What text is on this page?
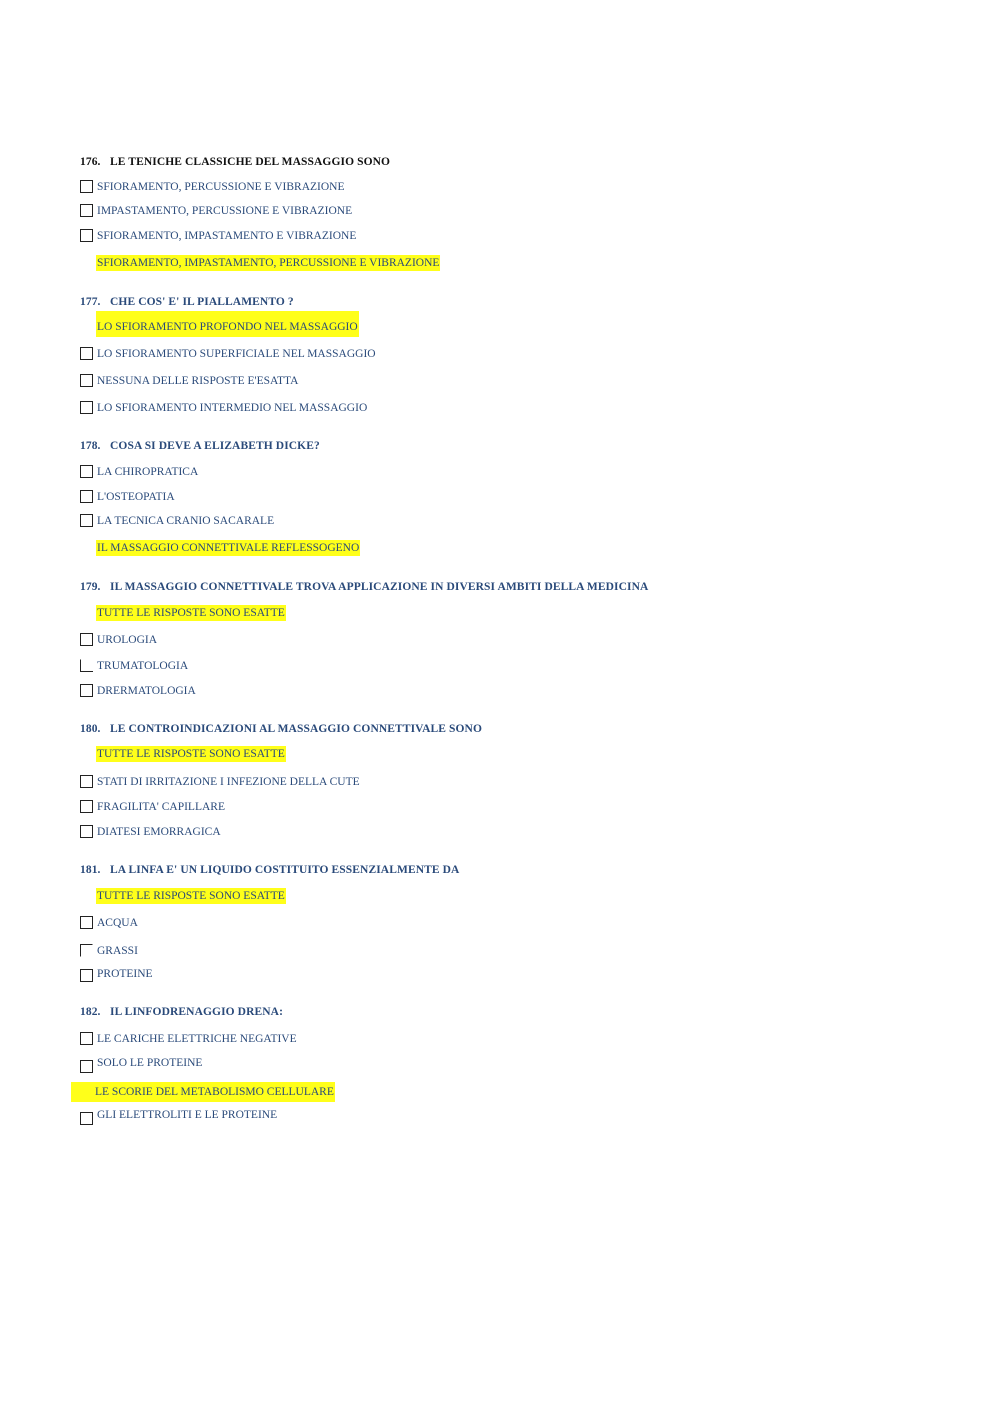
176. LE TENICHE CLASSICHE DEL MASSAGGIO SONO
SFIORAMENTO, PERCUSSIONE E VIBRAZIONE
IMPASTAMENTO, PERCUSSIONE E VIBRAZIONE
SFIORAMENTO, IMPASTAMENTO E VIBRAZIONE
SFIORAMENTO, IMPASTAMENTO, PERCUSSIONE E VIBRAZIONE
177. CHE COS' E' IL PIALLAMENTO ?
LO SFIORAMENTO PROFONDO NEL MASSAGGIO
LO SFIORAMENTO SUPERFICIALE NEL MASSAGGIO
NESSUNA DELLE RISPOSTE E'ESATTA
LO SFIORAMENTO INTERMEDIO NEL MASSAGGIO
178. COSA SI DEVE A ELIZABETH DICKE?
LA CHIROPRATICA
L'OSTEOPATIA
LA TECNICA CRANIO SACARALE
IL MASSAGGIO CONNETTIVALE REFLESSOGENO
179. IL MASSAGGIO CONNETTIVALE TROVA APPLICAZIONE IN DIVERSI AMBITI DELLA MEDICINA
TUTTE LE RISPOSTE SONO ESATTE
UROLOGIA
TRUMATOLOGIA
DRERMATOLOGIA
180. LE CONTROINDICAZIONI AL MASSAGGIO CONNETTIVALE SONO
TUTTE LE RISPOSTE SONO ESATTE
STATI DI IRRITAZIONE I INFEZIONE DELLA CUTE
FRAGILITA' CAPILLARE
DIATESI EMORRAGICA
181. LA LINFA E' UN LIQUIDO COSTITUITO ESSENZIALMENTE DA
TUTTE LE RISPOSTE SONO ESATTE
ACQUA
GRASSI
PROTEINE
182. IL LINFODRENAGGIO DRENA:
LE CARICHE ELETTRICHE NEGATIVE
SOLO LE PROTEINE
LE SCORIE DEL METABOLISMO CELLULARE
GLI ELETTROLITI E LE PROTEINE
